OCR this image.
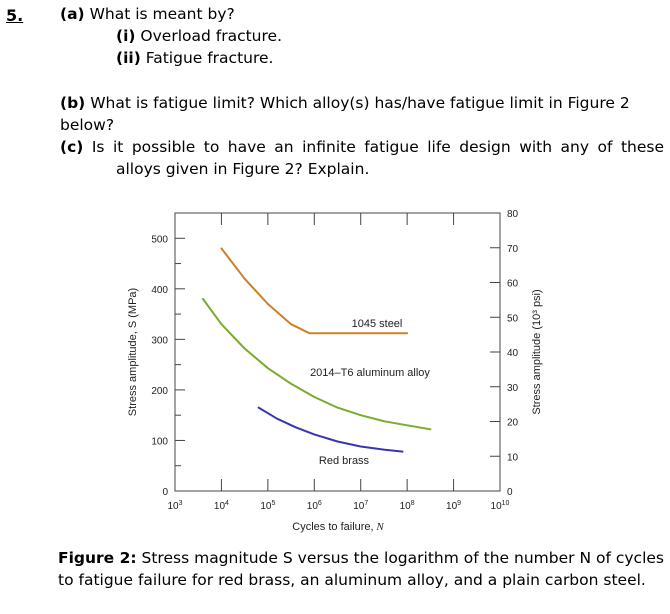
5. (a) What is meant by?
(i) Overload fracture.
(ii) Fatigue fracture.
(b) What is fatigue limit? Which alloy(s) has/have fatigue limit in Figure 2
below?
(c) Is it possible to have an infinite fatigue life design with any of these
alloys given in Figure 2? Explain.
$10^3$	$10^4$	$10^5$	$10^6$	$10^7$	$10^8$	$10^9$	$10^{10}$
0
100
200
300
400
500
0
10
20
30
40
50
60
70
80
1045 steel
2014–T6 aluminum alloy
Red brass
Cycles to failure, N
Stress amplitude, S (MPa)	Stress amplitude (10³ psi)
Figure 2: Stress magnitude S versus the logarithm of the number N of cycles to fatigue failure for red brass, an aluminum alloy, and a plain carbon steel.
